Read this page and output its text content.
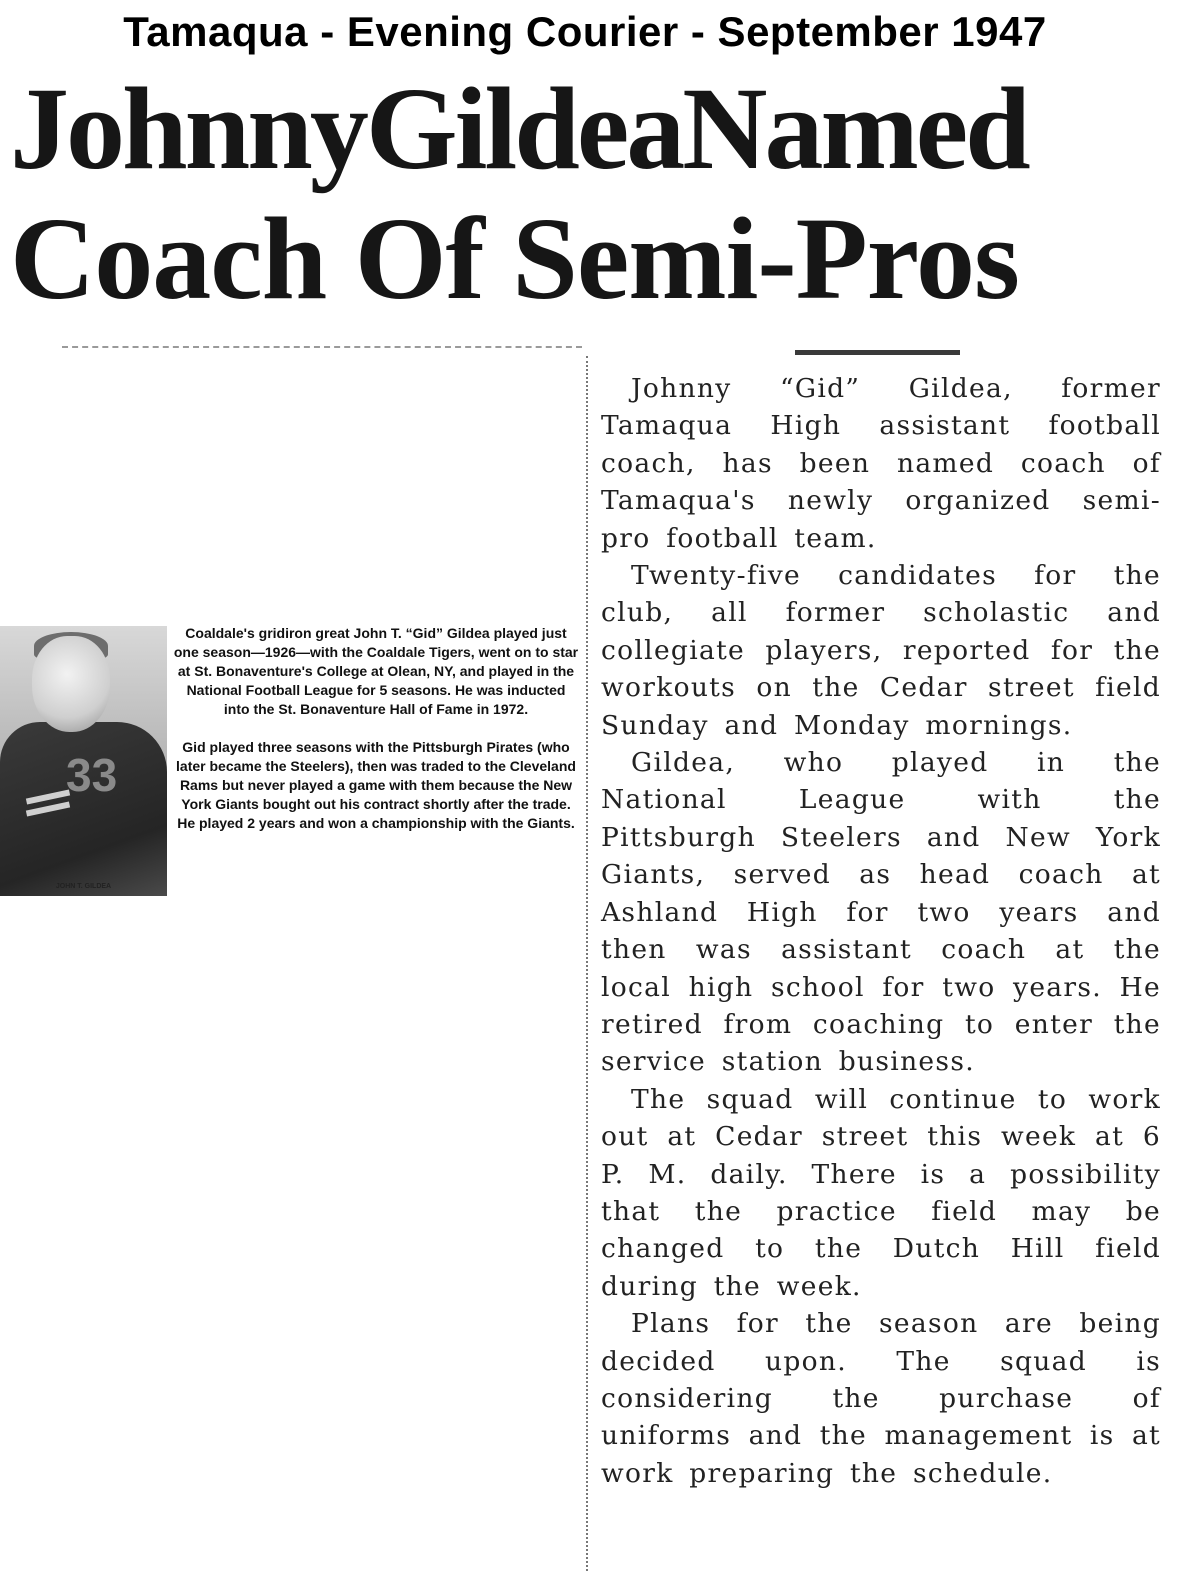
Tamaqua - Evening Courier - September 1947
JohnnyGildeaNamed
Coach Of Semi-Pros
33
JOHN T. GILDEA

Coaldale's gridiron great John T. “Gid” Gildea played just one season—1926—with the Coaldale Tigers, went on to star at St. Bonaventure's College at Olean, NY, and played in the National Football League for 5 seasons. He was inducted into the St. Bonaventure Hall of Fame in 1972.

Gid played three seasons with the Pittsburgh Pirates (who later became the Steelers), then was traded to the Cleveland Rams but never played a game with them because the New York Giants bought out his contract shortly after the trade. He played 2 years and won a championship with the Giants.

Johnny “Gid” Gildea, former Tamaqua High assistant football coach, has been named coach of Tamaqua's newly organized semi-pro football team.

Twenty-five candidates for the club, all former scholastic and collegiate players, reported for the workouts on the Cedar street field Sunday and Monday mornings.

Gildea, who played in the National League with the Pittsburgh Steelers and New York Giants, served as head coach at Ashland High for two years and then was assistant coach at the local high school for two years. He retired from coaching to enter the service station business.

The squad will continue to work out at Cedar street this week at 6 P. M. daily. There is a possibility that the practice field may be changed to the Dutch Hill field during the week.

Plans for the season are being decided upon. The squad is considering the purchase of uniforms and the management is at work preparing the schedule.
